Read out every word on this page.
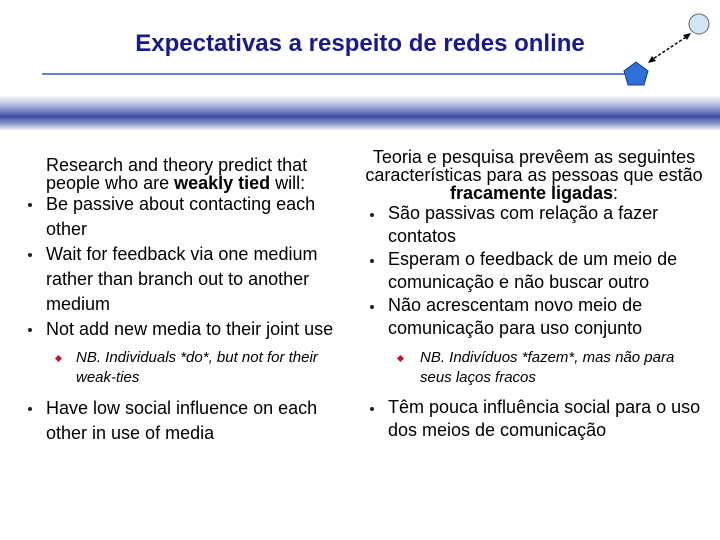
Expectativas a respeito de redes online
Research and theory predict that people who are weakly tied will:
Be passive about contacting each other
Wait for feedback via one medium rather than branch out to another medium
Not add new media to their joint use
NB. Individuals *do*, but not for their weak-ties
Have low social influence on each other in use of media
Teoria e pesquisa prevêem as seguintes características para as pessoas que estão fracamente ligadas:
São passivas com relação a fazer contatos
Esperam o feedback de um meio de comunicação e não buscar outro
Não acrescentam novo meio de comunicação para uso conjunto
NB. Indivíduos *fazem*, mas não para seus laços fracos
Têm pouca influência social para o uso dos meios de comunicação
